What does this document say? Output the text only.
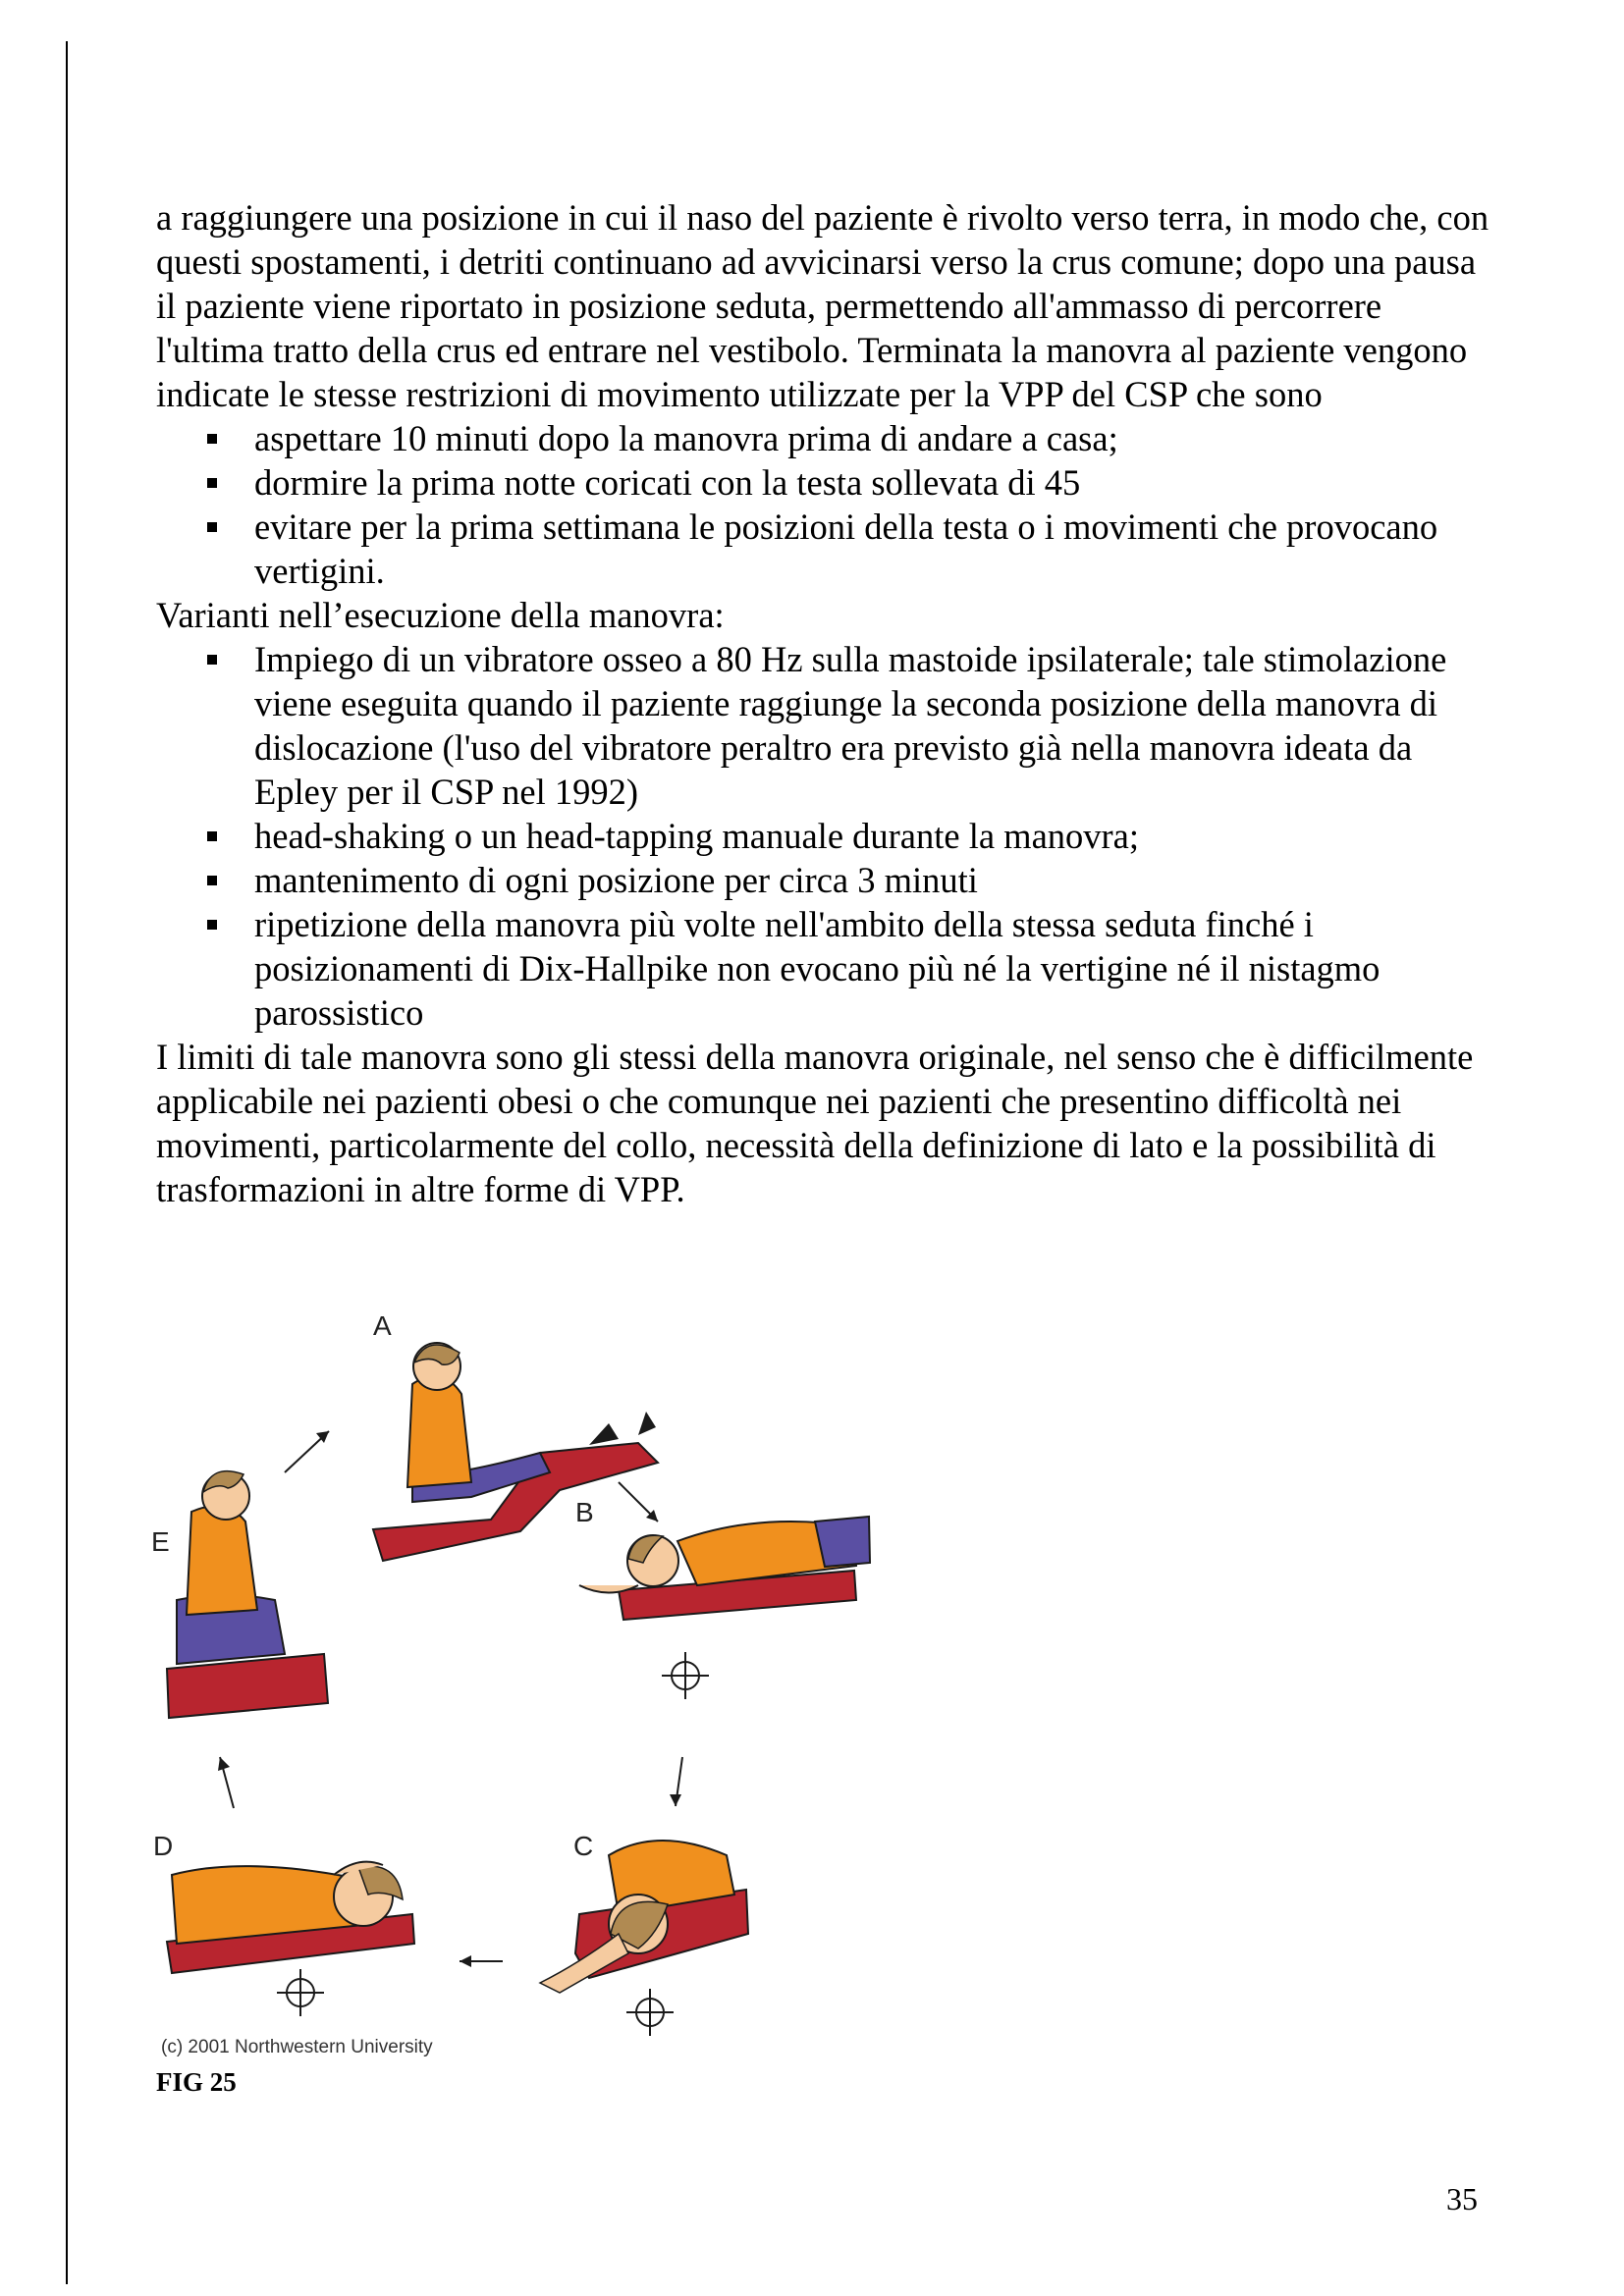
a raggiungere una posizione in cui il naso del paziente è rivolto verso terra, in modo che, con questi spostamenti, i detriti continuano ad avvicinarsi verso la crus comune; dopo una pausa il paziente viene riportato in posizione seduta, permettendo all'ammasso di percorrere l'ultima tratto della crus ed entrare nel vestibolo. Terminata la manovra al paziente vengono indicate le stesse restrizioni di movimento utilizzate per la VPP del CSP che sono

aspettare 10 minuti dopo la manovra prima di andare a casa;
dormire la prima notte coricati con la testa sollevata di 45
evitare per la prima settimana le posizioni della testa o i movimenti che provocano vertigini.

Varianti nell’esecuzione della manovra:

Impiego di un vibratore osseo a 80 Hz sulla mastoide ipsilaterale; tale stimolazione viene eseguita quando il paziente raggiunge la seconda posizione della manovra di dislocazione (l'uso del vibratore peraltro era previsto già nella manovra ideata da Epley per il CSP nel 1992)
head-shaking o un head-tapping manuale durante la manovra;
mantenimento di ogni posizione per circa 3 minuti
ripetizione della manovra più volte nell'ambito della stessa seduta finché i posizionamenti di Dix-Hallpike non evocano più né la vertigine né il nistagmo parossistico

I limiti di tale manovra sono gli stessi della manovra originale, nel senso che è difficilmente applicabile nei pazienti obesi o che comunque nei pazienti che presentino difficoltà nei movimenti, particolarmente del collo, necessità della definizione di lato e la possibilità di trasformazioni in altre forme di VPP.

A
B
C
D
E
(c) 2001 Northwestern University
FIG 25
35
